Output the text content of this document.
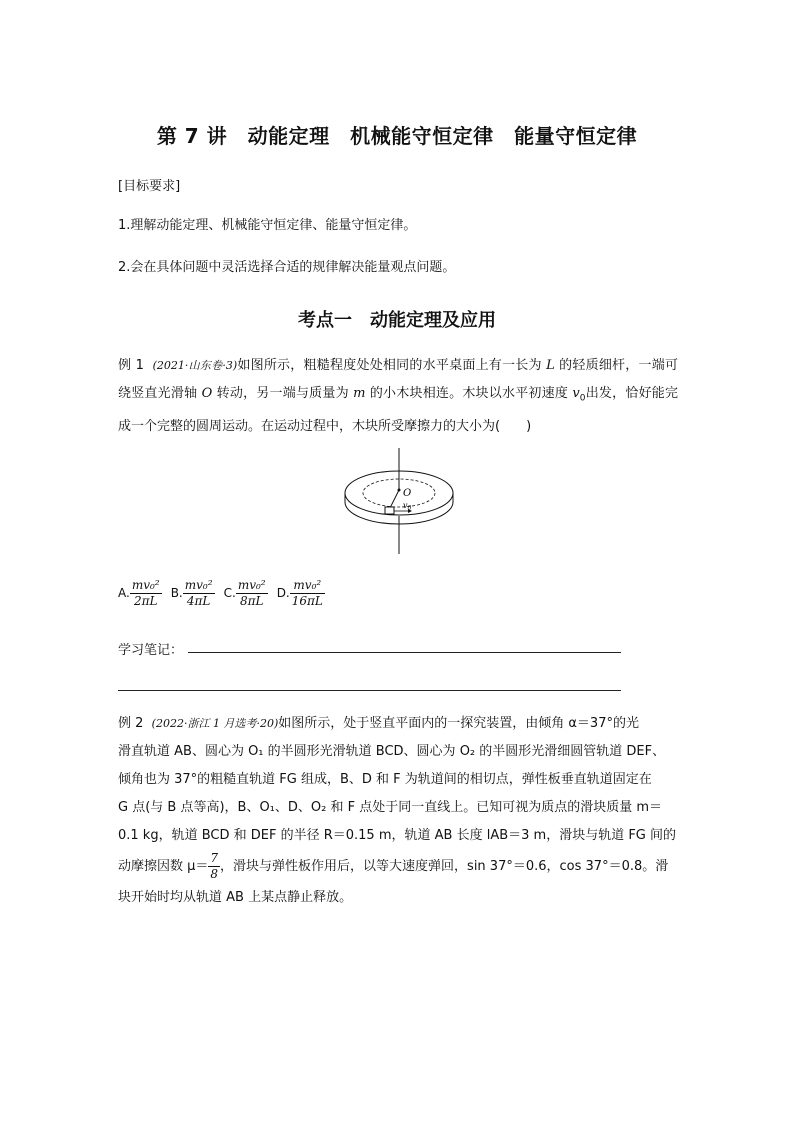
第 7 讲　动能定理　机械能守恒定律　能量守恒定律
[目标要求]
1.理解动能定理、机械能守恒定律、能量守恒定律。
2.会在具体问题中灵活选择合适的规律解决能量观点问题。
考点一　动能定理及应用
例 1 (2021·山东卷·3)如图所示，粗糙程度处处相同的水平桌面上有一长为 L 的轻质细杆，一端可绕竖直光滑轴 O 转动，另一端与质量为 m 的小木块相连。木块以水平初速度 $v_0$出发，恰好能完成一个完整的圆周运动。在运动过程中，木块所受摩擦力的大小为(　　)
O
$v_0$
A. $\frac{\text{mv₀²}}{2\pi L} B$. $\frac{\text{mv₀²}}{4\pi L} C$. $\frac{\text{mv₀²}}{8\pi L} D$. $\frac{\text{mv₀²}}{16\pi L}$
学习笔记：
例 2 (2022·浙江 1 月选考·20)如图所示，处于竖直平面内的一探究装置，由倾角 α＝37°的光
滑直轨道 AB、圆心为 O₁ 的半圆形光滑轨道 BCD、圆心为 O₂ 的半圆形光滑细圆管轨道 DEF、
倾角也为 37°的粗糙直轨道 FG 组成，B、D 和 F 为轨道间的相切点，弹性板垂直轨道固定在
G 点(与 B 点等高)，B、O₁、D、O₂ 和 F 点处于同一直线上。已知可视为质点的滑块质量 m＝
0.1 kg，轨道 BCD 和 DEF 的半径 R＝0.15 m，轨道 AB 长度 lAB＝3 m，滑块与轨道 FG 间的
动摩擦因数 $\mu= \frac{7}{8}$ ，滑块与弹性板作用后，以等大速度弹回，sin 37°＝0.6，cos 37°＝0.8。滑
块开始时均从轨道 AB 上某点静止释放。
